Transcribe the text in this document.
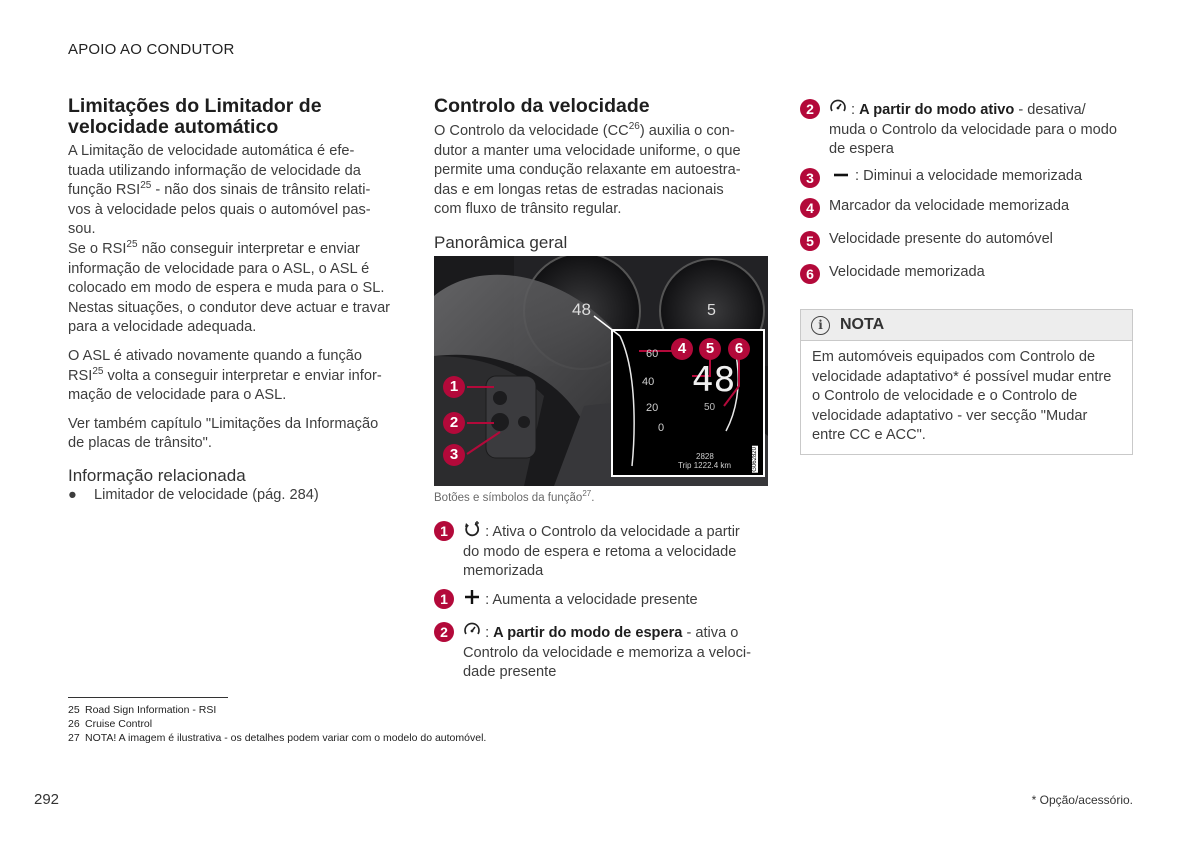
APOIO AO CONDUTOR
Limitações do Limitador de velocidade automático

A Limitação de velocidade automática é efe-

tuada utilizando informação de velocidade da

função RSI$^{25}$ - não dos sinais de trânsito relati-

vos à velocidade pelos quais o automóvel pas-

sou.

Se o RSI$^{25}$ não conseguir interpretar e enviar

informação de velocidade para o ASL, o ASL é

colocado em modo de espera e muda para o SL.

Nestas situações, o condutor deve actuar e travar

para a velocidade adequada.

O ASL é ativado novamente quando a função

RSI$^{25}$ volta a conseguir interpretar e enviar infor-

mação de velocidade para o ASL.

Ver também capítulo "Limitações da Informação

de placas de trânsito".

Informação relacionada
● Limitador de velocidade (pág. 284)
Controlo da velocidade

O Controlo da velocidade (CC$^{26}$) auxilia o con-

dutor a manter uma velocidade uniforme, o que

permite uma condução relaxante em autoestra-

das e em longas retas de estradas nacionais

com fluxo de trânsito regular.

Panorâmica geral
48	5
48
50
60
40
20
0
2828
Trip 1222.4 km	G062820
1
2
3
4	5	6
Botões e símbolos da função$^{27}$.
1	: Ativa o Controlo da velocidade a partir
do modo de espera e retoma a velocidade
memorizada
1	: Aumenta a velocidade presente
2	: A partir do modo de espera - ativa o
Controlo da velocidade e memoriza a veloci-
dade presente
2	: A partir do modo ativo - desativa/
muda o Controlo da velocidade para o modo
de espera
3	: Diminui a velocidade memorizada
4	Marcador da velocidade memorizada
5	Velocidade presente do automóvel
6	Velocidade memorizada
i	NOTA
Em automóveis equipados com Controlo de
velocidade adaptativo* é possível mudar entre
o Controlo de velocidade e o Controlo de
velocidade adaptativo - ver secção "Mudar
entre CC e ACC".
25 Road Sign Information - RSI
26 Cruise Control
27 NOTA! A imagem é ilustrativa - os detalhes podem variar com o modelo do automóvel.
292	* Opção/acessório.
